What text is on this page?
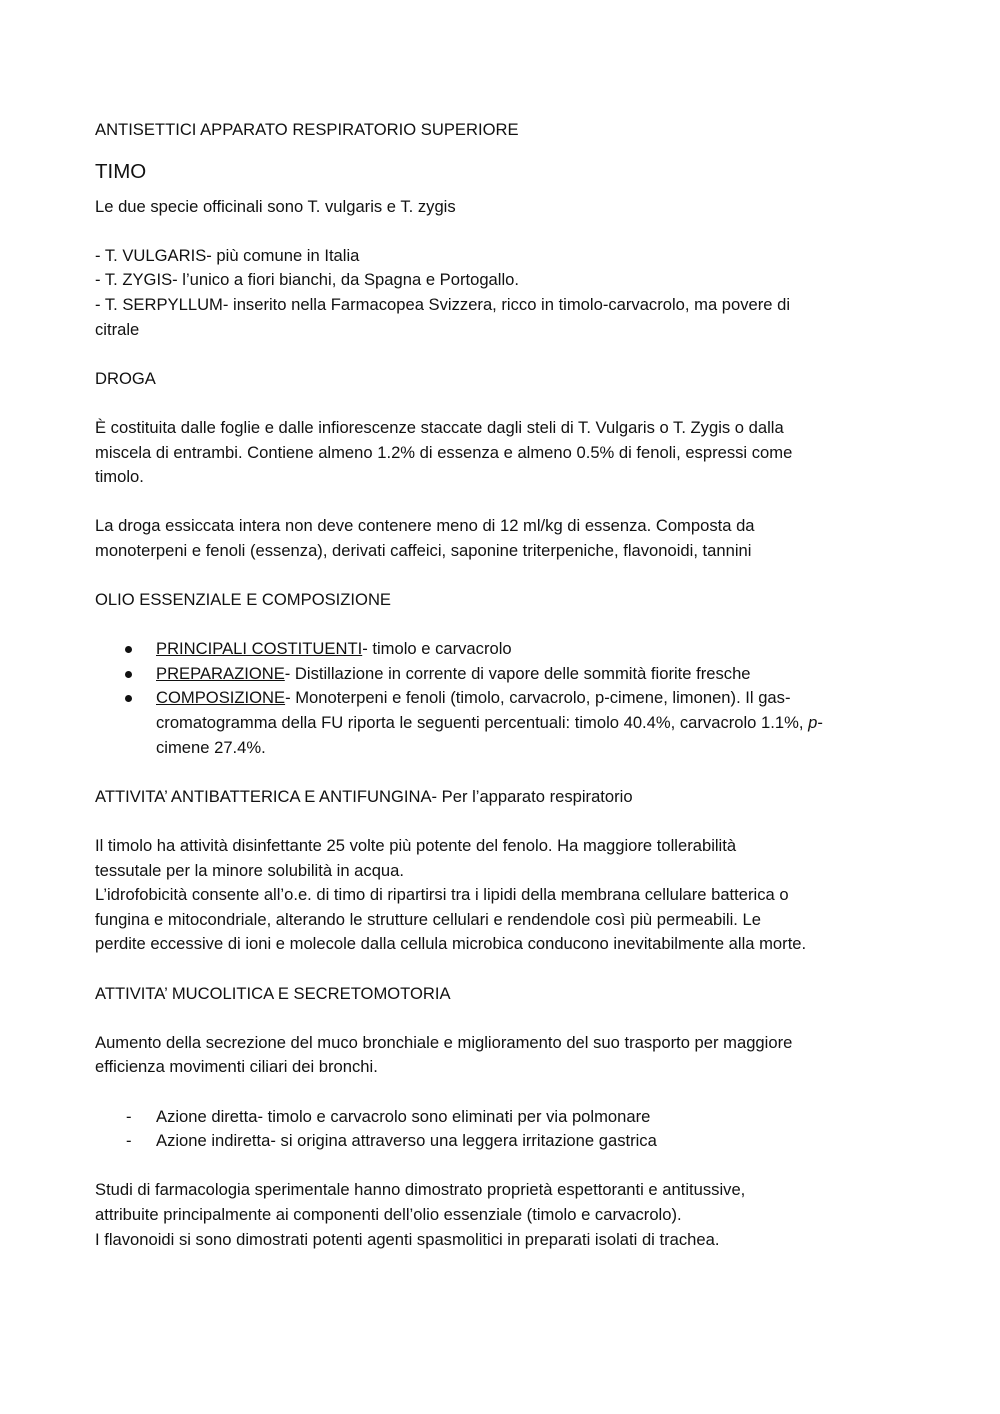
ANTISETTICI APPARATO RESPIRATORIO SUPERIORE
TIMO
Le due specie officinali sono T. vulgaris e T. zygis
- T. VULGARIS- più comune in Italia
- T. ZYGIS- l’unico a fiori bianchi, da Spagna e Portogallo.
- T. SERPYLLUM- inserito nella Farmacopea Svizzera, ricco in timolo-carvacrolo, ma povere di
citrale
DROGA
È costituita dalle foglie e dalle infiorescenze staccate dagli steli di T. Vulgaris o T. Zygis o dalla
miscela di entrambi. Contiene almeno 1.2% di essenza e almeno 0.5% di fenoli, espressi come
timolo.
La droga essiccata intera non deve contenere meno di 12 ml/kg di essenza. Composta da
monoterpeni e fenoli (essenza), derivati caffeici, saponine triterpeniche, flavonoidi, tannini
OLIO ESSENZIALE E COMPOSIZIONE
PRINCIPALI COSTITUENTI- timolo e carvacrolo
PREPARAZIONE- Distillazione in corrente di vapore delle sommità fiorite fresche
COMPOSIZIONE- Monoterpeni e fenoli (timolo, carvacrolo, p-cimene, limonen). Il gas-
cromatogramma della FU riporta le seguenti percentuali: timolo 40.4%, carvacrolo 1.1%, p-
cimene 27.4%.
ATTIVITA’ ANTIBATTERICA E ANTIFUNGINA- Per l’apparato respiratorio
Il timolo ha attività disinfettante 25 volte più potente del fenolo. Ha maggiore tollerabilità
tessutale per la minore solubilità in acqua.
L’idrofobicità consente all’o.e. di timo di ripartirsi tra i lipidi della membrana cellulare batterica o
fungina e mitocondriale, alterando le strutture cellulari e rendendole così più permeabili. Le
perdite eccessive di ioni e molecole dalla cellula microbica conducono inevitabilmente alla morte.
ATTIVITA’ MUCOLITICA E SECRETOMOTORIA
Aumento della secrezione del muco bronchiale e miglioramento del suo trasporto per maggiore
efficienza movimenti ciliari dei bronchi.
- Azione diretta- timolo e carvacrolo sono eliminati per via polmonare
- Azione indiretta- si origina attraverso una leggera irritazione gastrica
Studi di farmacologia sperimentale hanno dimostrato proprietà espettoranti e antitussive,
attribuite principalmente ai componenti dell’olio essenziale (timolo e carvacrolo).
I flavonoidi si sono dimostrati potenti agenti spasmolitici in preparati isolati di trachea.
